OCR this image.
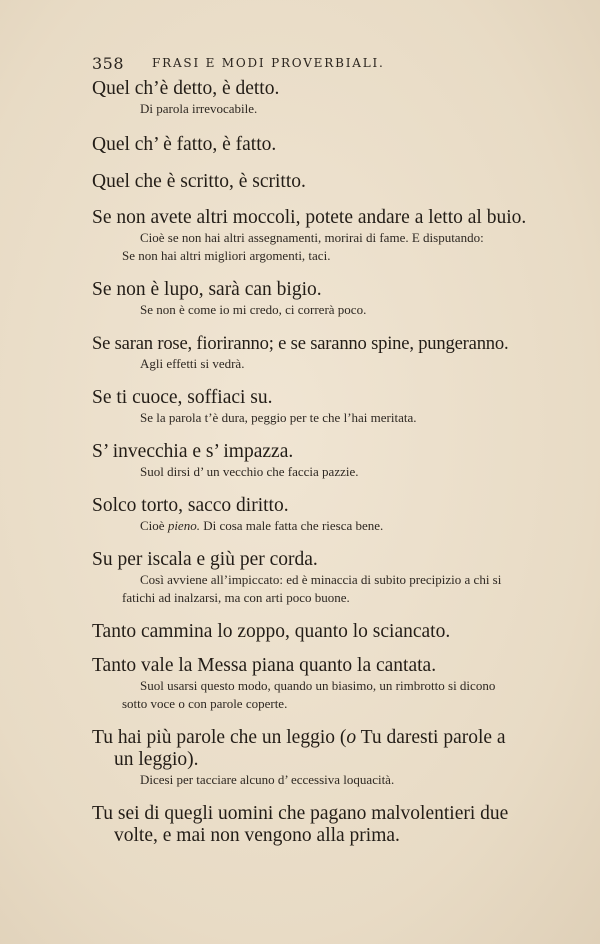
358 FRASI E MODI PROVERBIALI.
Quel ch’è detto, è detto.
Di parola irrevocabile.
Quel ch’ è fatto, è fatto.
Quel che è scritto, è scritto.
Se non avete altri moccoli, potete andare a letto al buio.
Cioè se non hai altri assegnamenti, morirai di fame. E disputando:
Se non hai altri migliori argomenti, taci.
Se non è lupo, sarà can bigio.
Se non è come io mi credo, ci correrà poco.
Se saran rose, fioriranno; e se saranno spine, pungeranno.
Agli effetti si vedrà.
Se ti cuoce, soffiaci su.
Se la parola t’è dura, peggio per te che l’hai meritata.
S’ invecchia e s’ impazza.
Suol dirsi d’ un vecchio che faccia pazzie.
Solco torto, sacco diritto.
Cioè pieno. Di cosa male fatta che riesca bene.
Su per iscala e giù per corda.
Così avviene all’impiccato: ed è minaccia di subito precipizio a chi si
fatichi ad inalzarsi, ma con arti poco buone.
Tanto cammina lo zoppo, quanto lo sciancato.
Tanto vale la Messa piana quanto la cantata.
Suol usarsi questo modo, quando un biasimo, un rimbrotto si dicono
sotto voce o con parole coperte.
Tu hai più parole che un leggio (o Tu daresti parole a
un leggio).
Dicesi per tacciare alcuno d’ eccessiva loquacità.
Tu sei di quegli uomini che pagano malvolentieri due
volte, e mai non vengono alla prima.
